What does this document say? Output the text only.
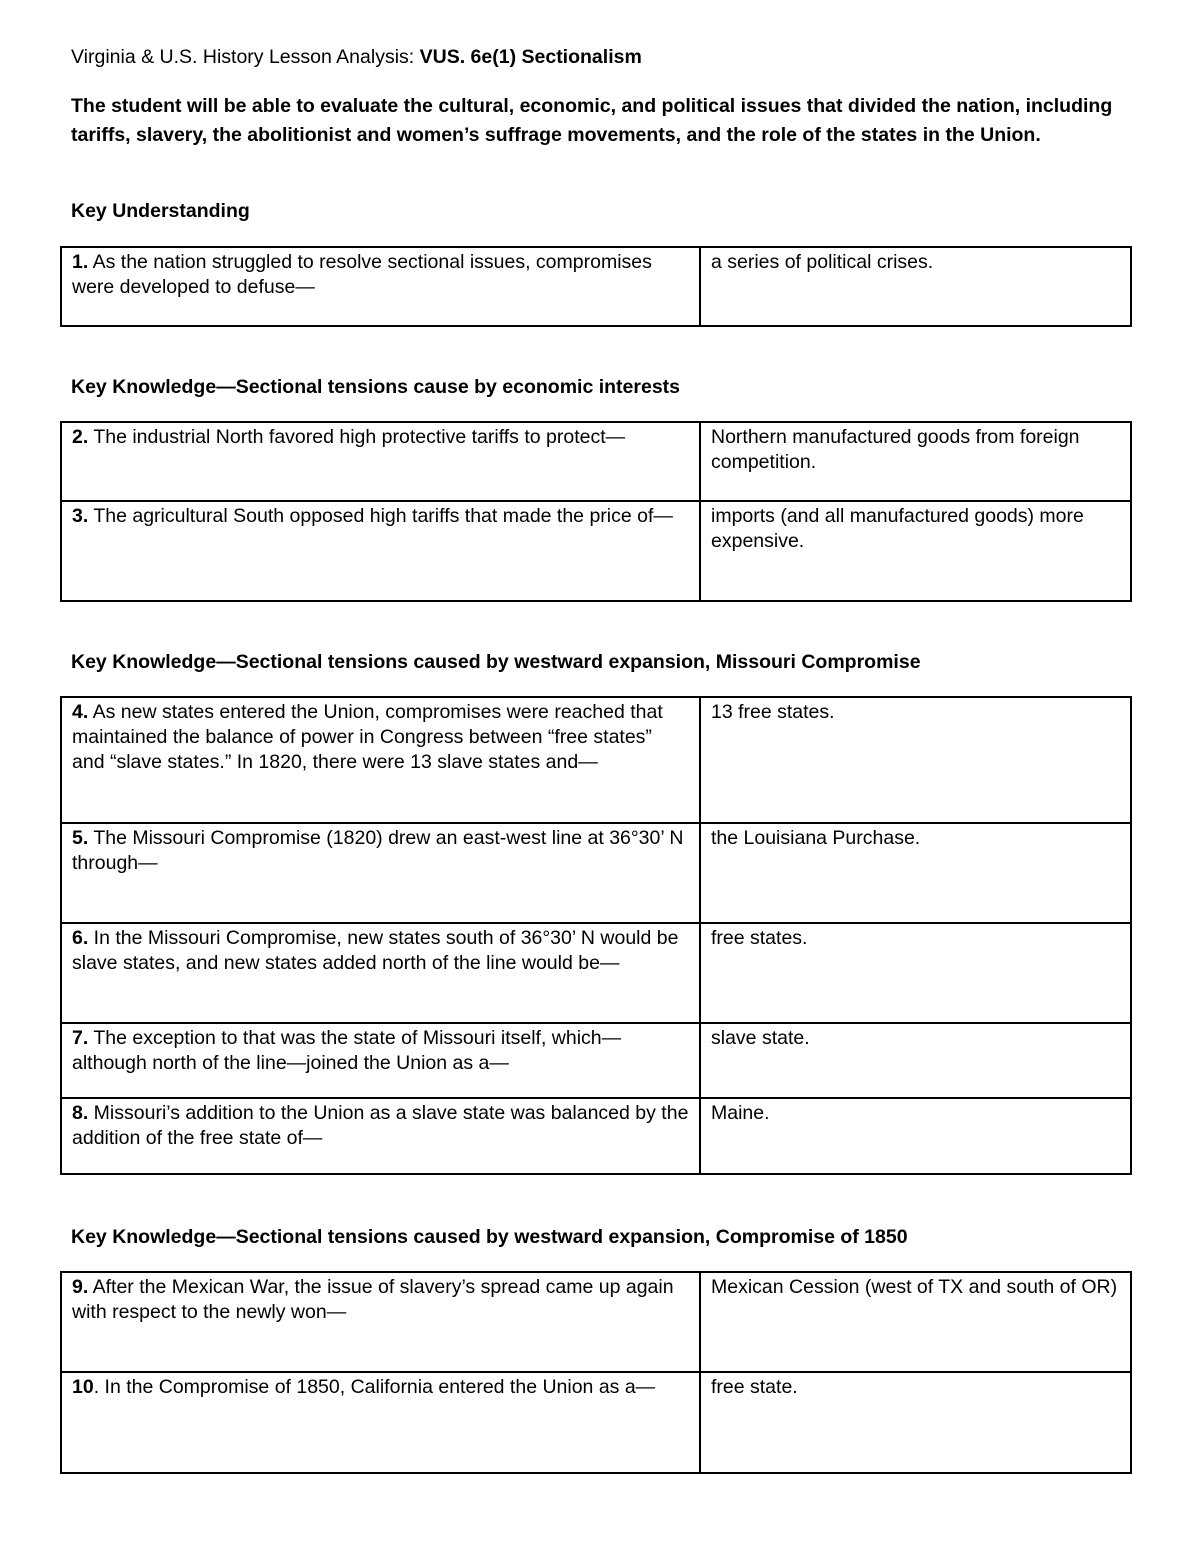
Virginia & U.S. History Lesson Analysis: VUS. 6e(1) Sectionalism
The student will be able to evaluate the cultural, economic, and political issues that divided the nation, including tariffs, slavery, the abolitionist and women’s suffrage movements, and the role of the states in the Union.
Key Understanding
1. As the nation struggled to resolve sectional issues, compromises were developed to defuse—	a series of political crises.
Key Knowledge—Sectional tensions cause by economic interests
2. The industrial North favored high protective tariffs to protect—	Northern manufactured goods from foreign competition.
3. The agricultural South opposed high tariffs that made the price of—	imports (and all manufactured goods) more expensive.
Key Knowledge—Sectional tensions caused by westward expansion, Missouri Compromise
4. As new states entered the Union, compromises were reached that maintained the balance of power in Congress between “free states” and “slave states.” In 1820, there were 13 slave states and—	13 free states.
5. The Missouri Compromise (1820) drew an east-west line at 36°30’ N through—	the Louisiana Purchase.
6. In the Missouri Compromise, new states south of 36°30’ N would be slave states, and new states added north of the line would be—	free states.
7. The exception to that was the state of Missouri itself, which—although north of the line—joined the Union as a—	slave state.
8. Missouri’s addition to the Union as a slave state was balanced by the addition of the free state of—	Maine.
Key Knowledge—Sectional tensions caused by westward expansion, Compromise of 1850
9. After the Mexican War, the issue of slavery’s spread came up again with respect to the newly won—	Mexican Cession (west of TX and south of OR)
10. In the Compromise of 1850, California entered the Union as a—	free state.
